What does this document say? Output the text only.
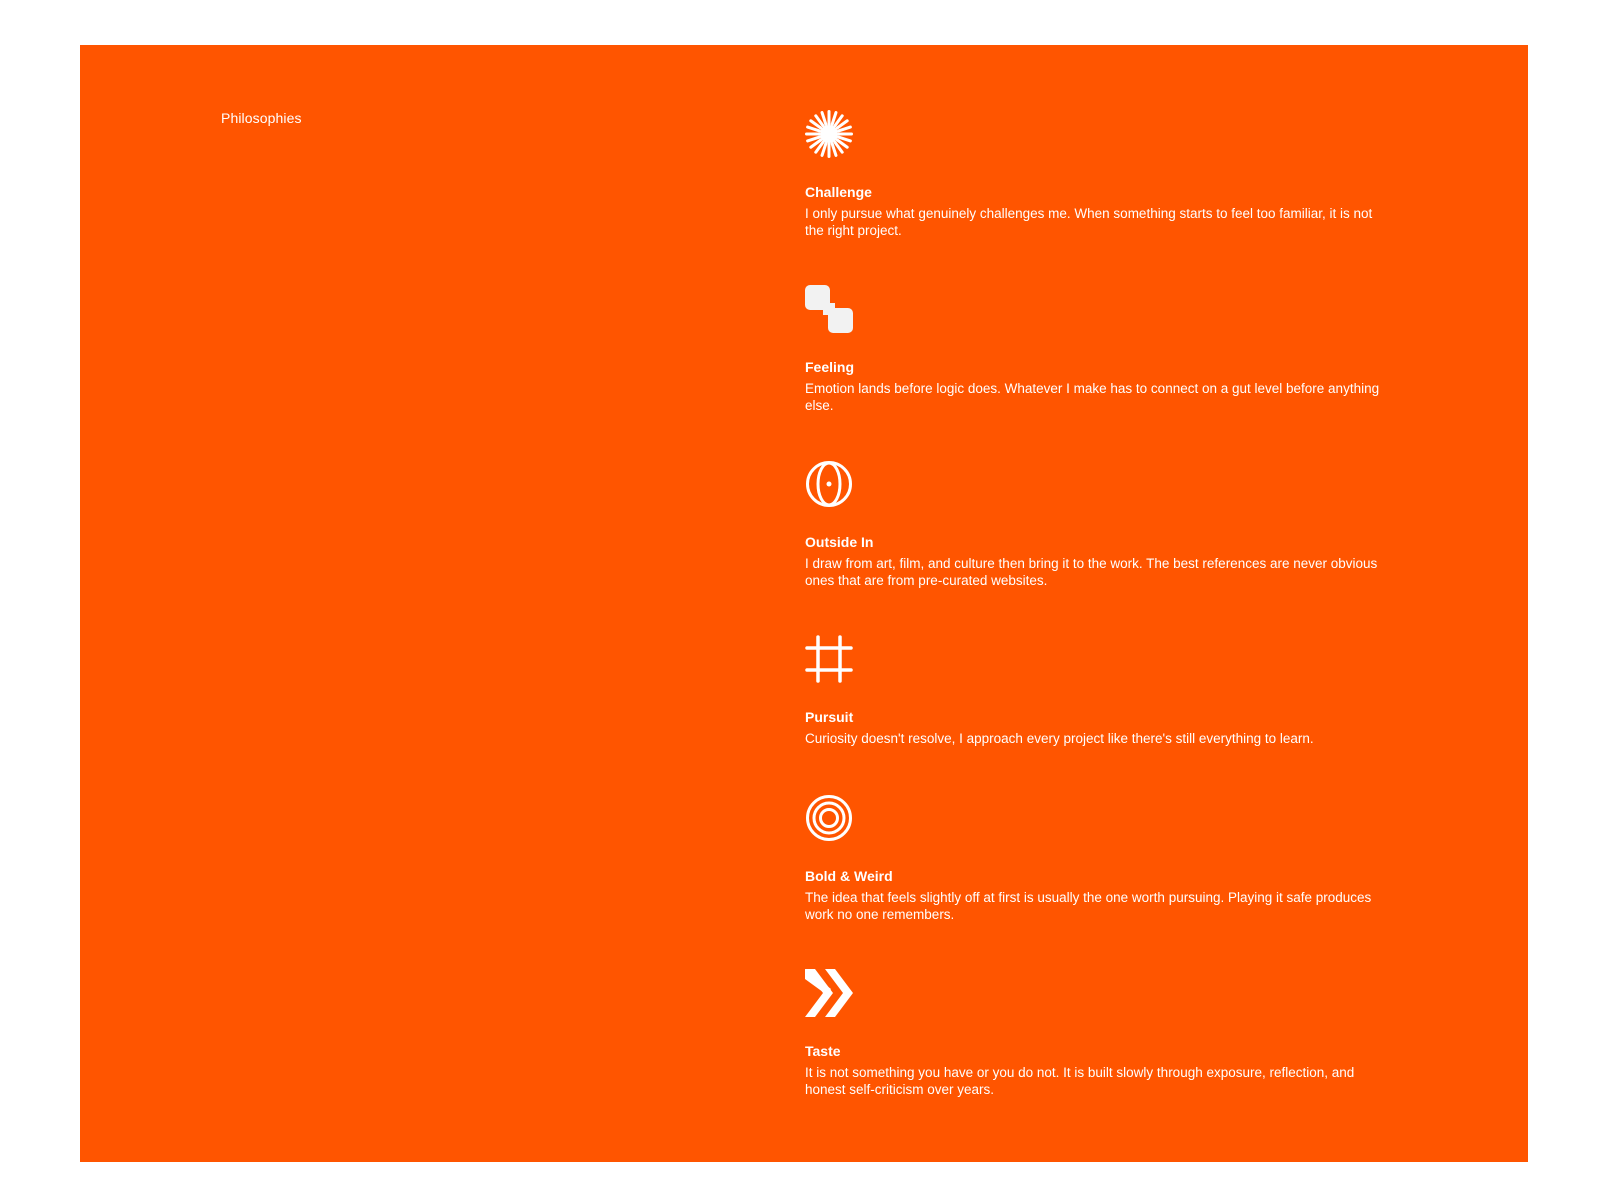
Philosophies
Challenge
I only pursue what genuinely challenges me. When something starts to feel too familiar, it is not the right project.
Feeling
Emotion lands before logic does. Whatever I make has to connect on a gut level before anything else.
Outside In
I draw from art, film, and culture then bring it to the work. The best references are never obvious ones that are from pre-curated websites.
Pursuit
Curiosity doesn't resolve, I approach every project like there's still everything to learn.
Bold & Weird
The idea that feels slightly off at first is usually the one worth pursuing. Playing it safe produces work no one remembers.
Taste
It is not something you have or you do not. It is built slowly through exposure, reflection, and honest self-criticism over years.
